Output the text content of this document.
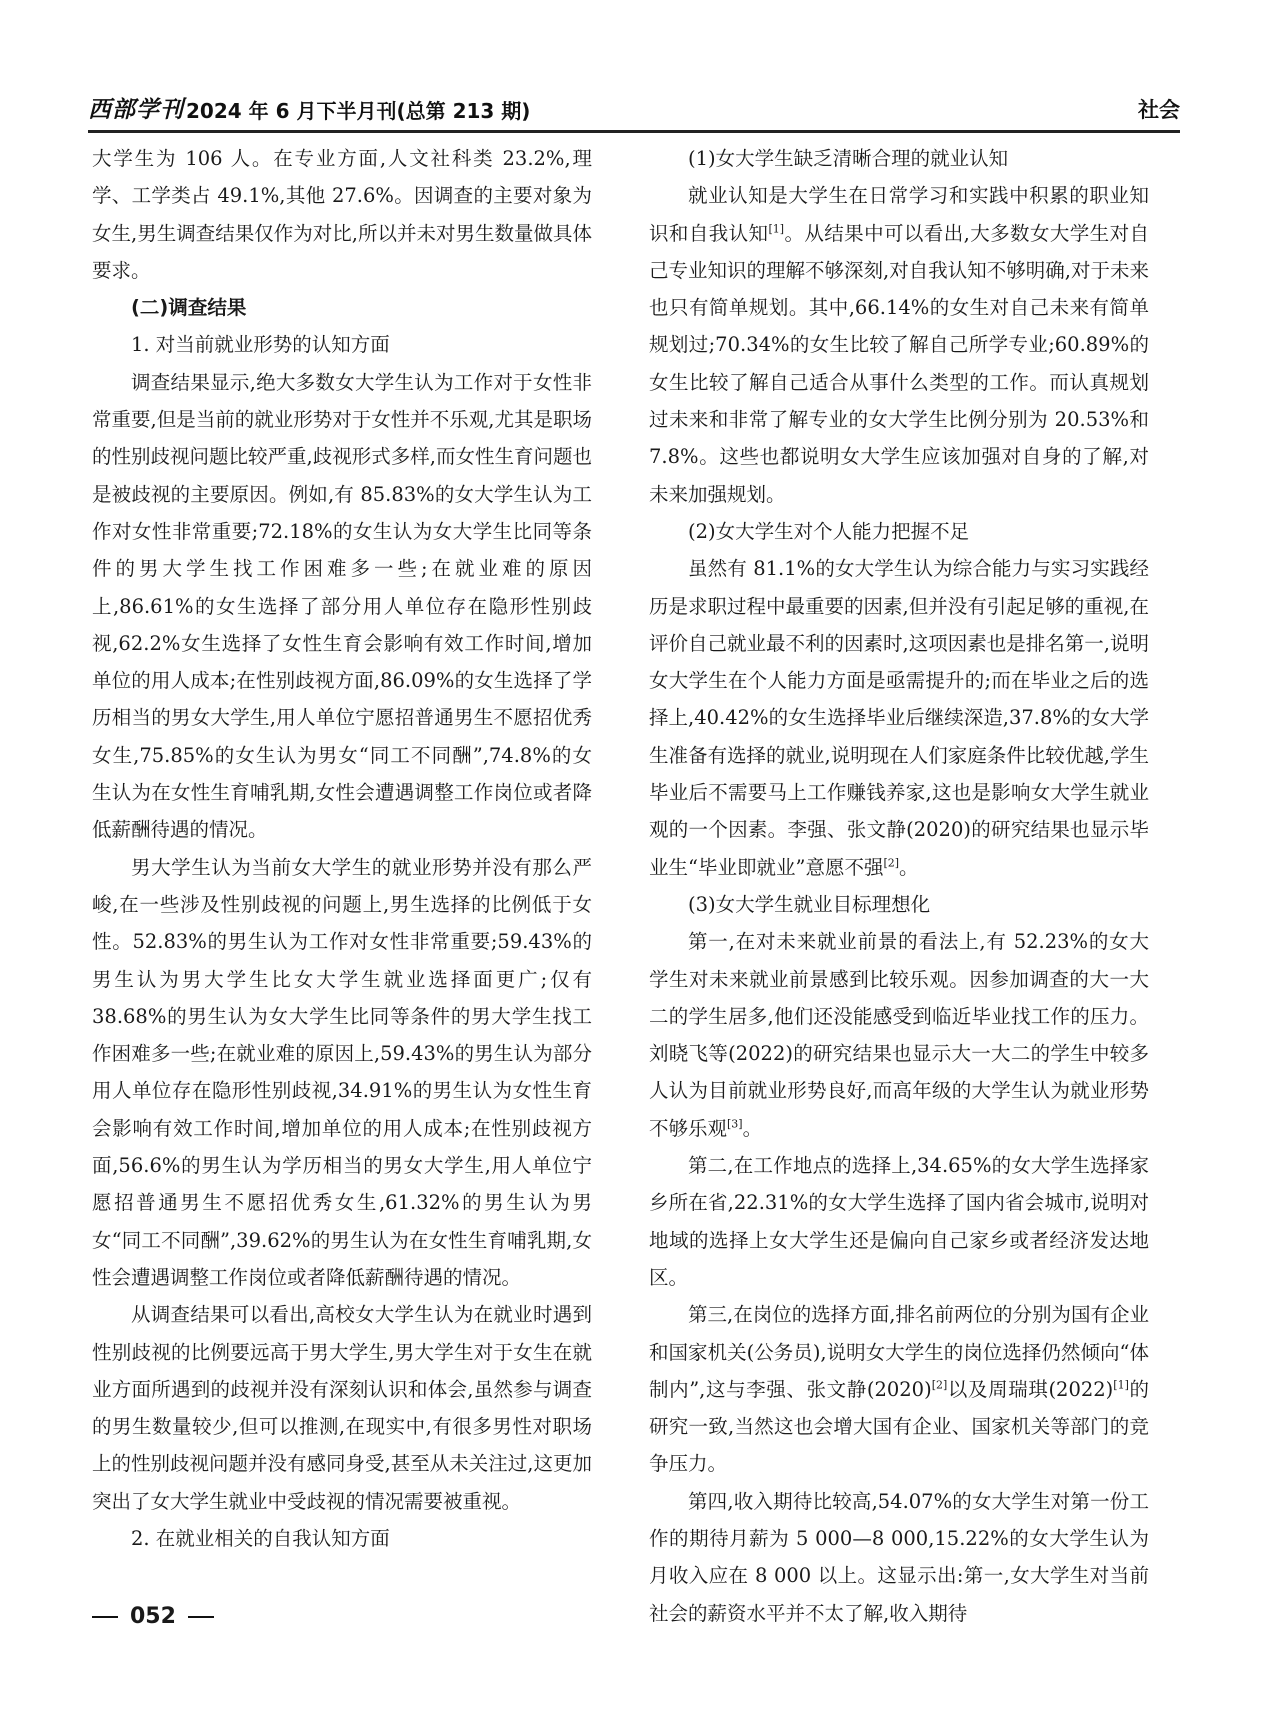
西部学刊 2024 年 6 月下半月刊(总第 213 期)	社会

大学生为 106 人。在专业方面,人文社科类 23.2%,理学、工学类占 49.1%,其他 27.6%。因调查的主要对象为女生,男生调查结果仅作为对比,所以并未对男生数量做具体要求。

(二)调查结果

1. 对当前就业形势的认知方面

调查结果显示,绝大多数女大学生认为工作对于女性非常重要,但是当前的就业形势对于女性并不乐观,尤其是职场的性别歧视问题比较严重,歧视形式多样,而女性生育问题也是被歧视的主要原因。例如,有 85.83%的女大学生认为工作对女性非常重要;72.18%的女生认为女大学生比同等条件的男大学生找工作困难多一些;在就业难的原因上,86.61%的女生选择了部分用人单位存在隐形性别歧视,62.2%女生选择了女性生育会影响有效工作时间,增加单位的用人成本;在性别歧视方面,86.09%的女生选择了学历相当的男女大学生,用人单位宁愿招普通男生不愿招优秀女生,75.85%的女生认为男女“同工不同酬”,74.8%的女生认为在女性生育哺乳期,女性会遭遇调整工作岗位或者降低薪酬待遇的情况。

男大学生认为当前女大学生的就业形势并没有那么严峻,在一些涉及性别歧视的问题上,男生选择的比例低于女性。52.83%的男生认为工作对女性非常重要;59.43%的男生认为男大学生比女大学生就业选择面更广;仅有 38.68%的男生认为女大学生比同等条件的男大学生找工作困难多一些;在就业难的原因上,59.43%的男生认为部分用人单位存在隐形性别歧视,34.91%的男生认为女性生育会影响有效工作时间,增加单位的用人成本;在性别歧视方面,56.6%的男生认为学历相当的男女大学生,用人单位宁愿招普通男生不愿招优秀女生,61.32%的男生认为男女“同工不同酬”,39.62%的男生认为在女性生育哺乳期,女性会遭遇调整工作岗位或者降低薪酬待遇的情况。

从调查结果可以看出,高校女大学生认为在就业时遇到性别歧视的比例要远高于男大学生,男大学生对于女生在就业方面所遇到的歧视并没有深刻认识和体会,虽然参与调查的男生数量较少,但可以推测,在现实中,有很多男性对职场上的性别歧视问题并没有感同身受,甚至从未关注过,这更加突出了女大学生就业中受歧视的情况需要被重视。

2. 在就业相关的自我认知方面

(1)女大学生缺乏清晰合理的就业认知

就业认知是大学生在日常学习和实践中积累的职业知识和自我认知[1]。从结果中可以看出,大多数女大学生对自己专业知识的理解不够深刻,对自我认知不够明确,对于未来也只有简单规划。其中,66.14%的女生对自己未来有简单规划过;70.34%的女生比较了解自己所学专业;60.89%的女生比较了解自己适合从事什么类型的工作。而认真规划过未来和非常了解专业的女大学生比例分别为 20.53%和 7.8%。这些也都说明女大学生应该加强对自身的了解,对未来加强规划。

(2)女大学生对个人能力把握不足

虽然有 81.1%的女大学生认为综合能力与实习实践经历是求职过程中最重要的因素,但并没有引起足够的重视,在评价自己就业最不利的因素时,这项因素也是排名第一,说明女大学生在个人能力方面是亟需提升的;而在毕业之后的选择上,40.42%的女生选择毕业后继续深造,37.8%的女大学生准备有选择的就业,说明现在人们家庭条件比较优越,学生毕业后不需要马上工作赚钱养家,这也是影响女大学生就业观的一个因素。李强、张文静(2020)的研究结果也显示毕业生“毕业即就业”意愿不强[2]。

(3)女大学生就业目标理想化

第一,在对未来就业前景的看法上,有 52.23%的女大学生对未来就业前景感到比较乐观。因参加调查的大一大二的学生居多,他们还没能感受到临近毕业找工作的压力。刘晓飞等(2022)的研究结果也显示大一大二的学生中较多人认为目前就业形势良好,而高年级的大学生认为就业形势不够乐观[3]。

第二,在工作地点的选择上,34.65%的女大学生选择家乡所在省,22.31%的女大学生选择了国内省会城市,说明对地域的选择上女大学生还是偏向自己家乡或者经济发达地区。

第三,在岗位的选择方面,排名前两位的分别为国有企业和国家机关(公务员),说明女大学生的岗位选择仍然倾向“体制内”,这与李强、张文静(2020)[2]以及周瑞琪(2022)[1]的研究一致,当然这也会增大国有企业、国家机关等部门的竞争压力。

第四,收入期待比较高,54.07%的女大学生对第一份工作的期待月薪为 5 000—8 000,15.22%的女大学生认为月收入应在 8 000 以上。这显示出:第一,女大学生对当前社会的薪资水平并不太了解,收入期待

052
